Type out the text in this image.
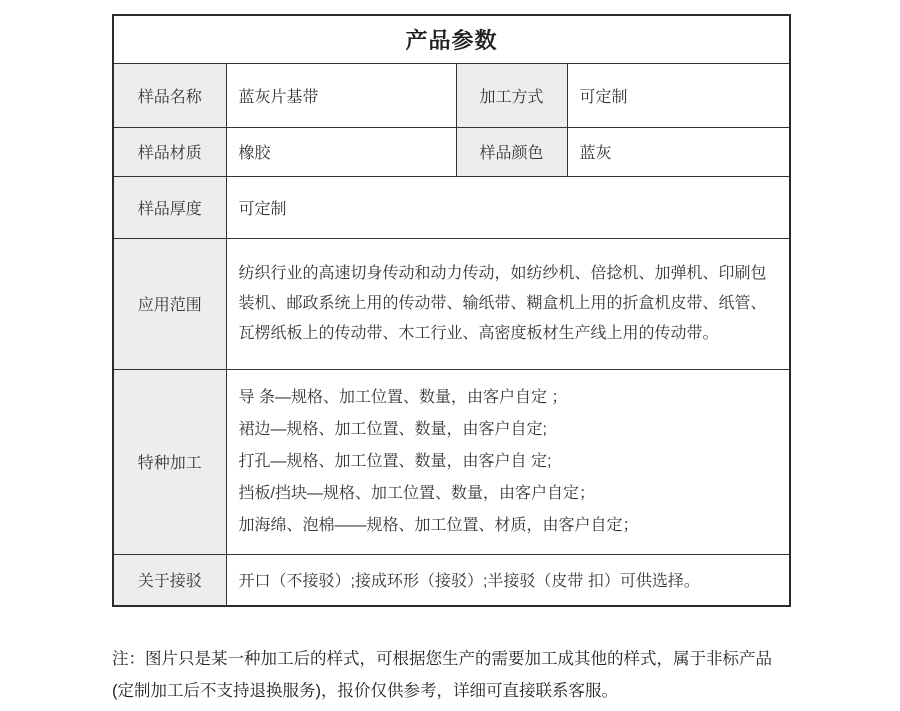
产品参数			
样品名称	蓝灰片基带	加工方式	可定制
样品材质	橡胶	样品颜色	蓝灰
样品厚度	可定制		
应用范围	纺织行业的高速切身传动和动力传动，如纺纱机、倍捻机、加弹机、印刷包装机、邮政系统上用的传动带、输纸带、糊盒机上用的折盒机皮带、纸管、瓦楞纸板上的传动带、木工行业、高密度板材生产线上用的传动带。		
特种加工	导 条—规格、加工位置、数量，由客户自定 ；
裙边—规格、加工位置、数量，由客户自定;
打孔—规格、加工位置、数量，由客户自 定;
挡板/挡块—规格、加工位置、数量，由客户自定；
加海绵、泡棉——规格、加工位置、材质，由客户自定；		

关于接驳	开口（不接驳）;接成环形（接驳）;半接驳（皮带 扣）可供选择。		

注：图片只是某一种加工后的样式，可根据您生产的需要加工成其他的样式，属于非标产品(定制加工后不支持退换服务)，报价仅供参考，详细可直接联系客服。
